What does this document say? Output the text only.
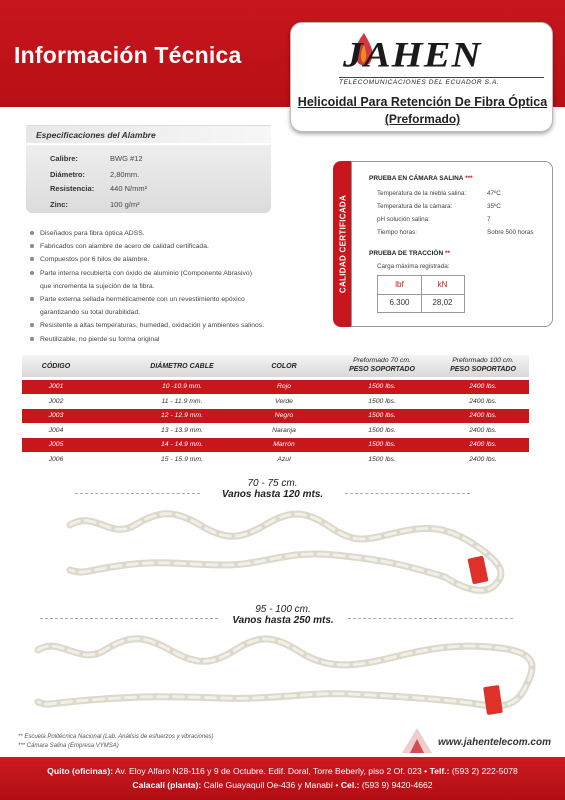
Información Técnica	JAHEN
TELECOMUNICACIONES DEL ECUADOR S.A.
Helicoidal Para Retención De Fibra Óptica
(Preformado)
Especificaciones del Alambre
Calibre:	BWG #12
Diámetro:	2,80mm.
Resistencia:	440 N/mm²
Zinc:	100 g/m²
Diseñados para fibra óptica ADSS.
Fabricados con alambre de acero de calidad certificada.
Compuestos por 6 hilos de alambre.
Parte interna recubierta con óxido de aluminio (Componente Abrasivo)
que incrementa la sujeción de la fibra.
Parte externa sellada herméticamente con un revestimiento epóxico
garantizando su total durabilidad.
Resistente a altas temperaturas, humedad, oxidación y ambientes salinos.
Reutilizable, no pierde su forma original
CALIDAD CERTIFICADA
PRUEBA EN CÁMARA SALINA ***
Temperatura de la niebla salina:	47ºC
Temperatura de la cámara:	35ºC
pH solución salina:	7
Tiempo horas:	Sobre 500 horas
PRUEBA DE TRACCIÓN **
Carga máxima registrada:
lbf	kN
6.300	28,02
CÓDIGO	DIÁMETRO CABLE	COLOR
Preformado 70 cm.
PESO SOPORTADO
Preformado 100 cm.
PESO SOPORTADO
J001	10 -10.9 mm.	Rojo	1500 lbs.	2400 lbs.
J002	11 - 11.9 mm.	Verde	1500 lbs.	2400 lbs.
J003	12 - 12.9 mm.	Negro	1500 lbs.	2400 lbs.
J004	13 - 13.9 mm.	Naranja	1500 lbs.	2400 lbs.
J005	14 - 14.9 mm.	Marrón	1500 lbs.	2400 lbs.
J006	15 - 15.9 mm.	Azul	1500 lbs.	2400 lbs.
70 - 75 cm.
Vanos hasta 120 mts.
95 - 100 cm.
Vanos hasta 250 mts.
** Escuela Politécnica Nacional (Lab. Análisis de esfuerzos y vibraciones)
*** Cámara Salina (Empresa VYMSA)	www.jahentelecom.com
Quito (oficinas): Av. Eloy Alfaro N28-116 y 9 de Octubre. Edif. Doral, Torre Beberly, piso 2 Of. 023 • Telf.: (593 2) 222-5078
Calacalí (planta): Calle Guayaquil Oe-436 y Manabí • Cel.: (593 9) 9420-4662
